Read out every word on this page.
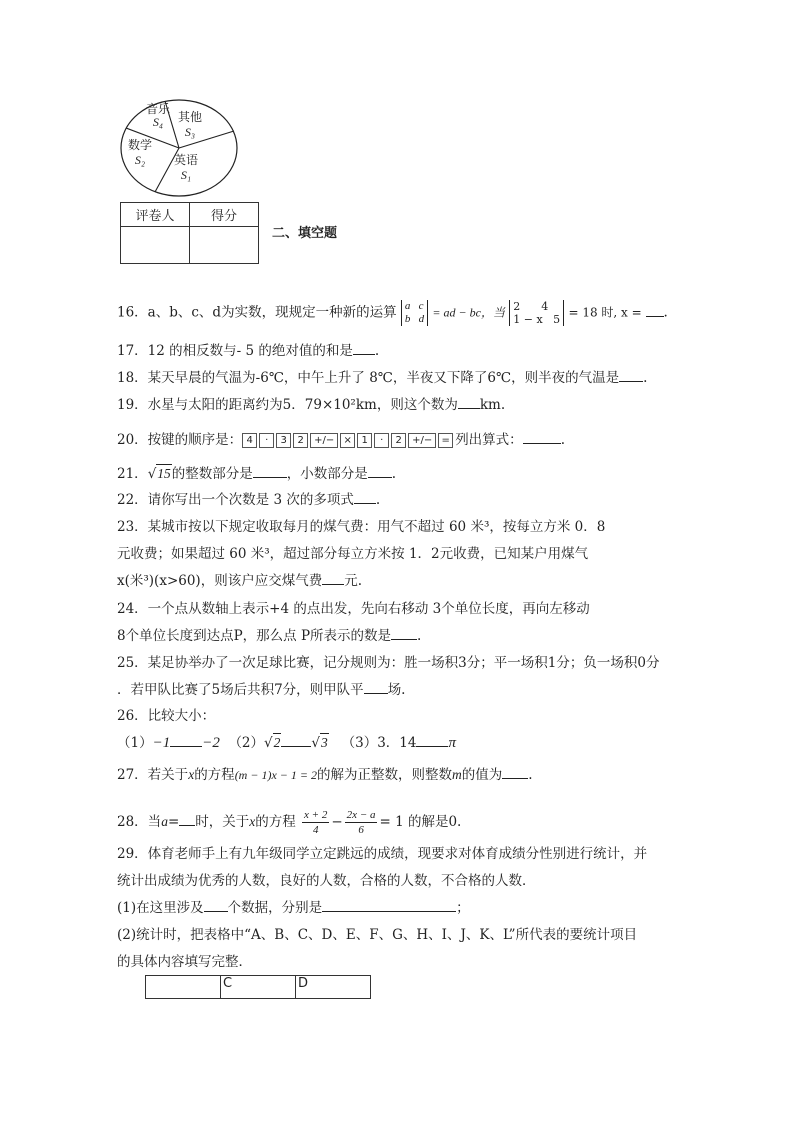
音乐
S₄	其他
S₃
数学
S₂	英语
S₁
评卷人	得分

二、填空题
16．a、b、c、d为实数，现规定一种新的运算 a   c
b   d = ad − bc，当 2      4
1 − x   5 = 18 时, x = .
17．12 的相反数与- 5 的绝对值的和是 .
18．某天早晨的气温为-6℃，中午上升了 8℃，半夜又下降了6℃，则半夜的气温是 .
19．水星与太阳的距离约为5．79×10²km，则这个数为 km.
20．按键的顺序是： 4 · 3 2 +/− × 1 · 2 +/− = 列出算式：	.
21．√15的整数部分是	，小数部分是 .
22．请你写出一个次数是 3 次的多项式 .
23．某城市按以下规定收取每月的煤气费：用气不超过 60 米³，按每立方米 0．8
元收费；如果超过 60 米³，超过部分每立方米按 1．2元收费，已知某户用煤气
x(米³)(x>60)，则该户应交煤气费 元.
24．一个点从数轴上表示+4 的点出发，先向右移动 3个单位长度，再向左移动
8个单位长度到达点P，那么点 P所表示的数是 .
25．某足协举办了一次足球比赛，记分规则为：胜一场积3分；平一场积1分；负一场积0分
．若甲队比赛了5场后共积7分，则甲队平 场.
26．比较大小：
（1）−1 −2 （2）√2 √3 （3）3．14 π
27．若关于x的方程(m − 1)x − 1 = 2的解为正整数，则整数m的值为 .
28．当a= 时，关于x的方程 $\frac{x + 2}{4} - \frac{2x - a}{6} = 1$ 的解是0.
29．体育老师手上有九年级同学立定跳远的成绩，现要求对体育成绩分性别进行统计，并
统计出成绩为优秀的人数，良好的人数，合格的人数，不合格的人数．
(1)在这里涉及 个数据，分别是	；
(2)统计时，把表格中“A、B、C、D、E、F、G、H、I、J、K、L”所代表的要统计项目
的具体内容填写完整．
	C	D
